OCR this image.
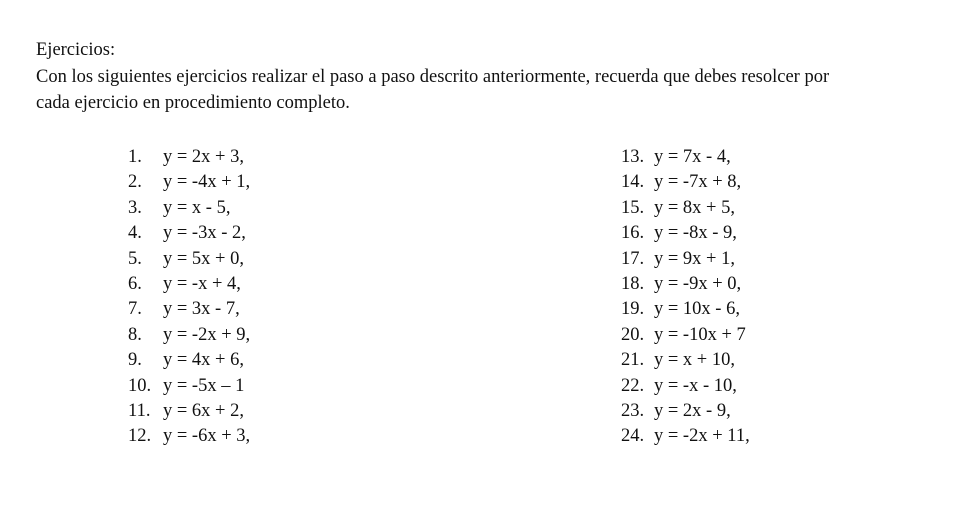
Ejercicios:
Con los siguientes ejercicios realizar el paso a paso descrito anteriormente, recuerda que debes resolcer por
cada ejercicio en procedimiento completo.
1.	y = 2x + 3,
2.	y = -4x + 1,
3.	y = x - 5,
4.	y = -3x - 2,
5.	y = 5x + 0,
6.	y = -x + 4,
7.	y = 3x - 7,
8.	y = -2x + 9,
9.	y = 4x + 6,
10. y = -5x – 1
11. y = 6x + 2,
12. y = -6x + 3,
13. y = 7x - 4,
14. y = -7x + 8,
15. y = 8x + 5,
16. y = -8x - 9,
17. y = 9x + 1,
18. y = -9x + 0,
19. y = 10x - 6,
20. y = -10x + 7
21. y = x + 10,
22. y = -x - 10,
23. y = 2x - 9,
24. y = -2x + 11,
